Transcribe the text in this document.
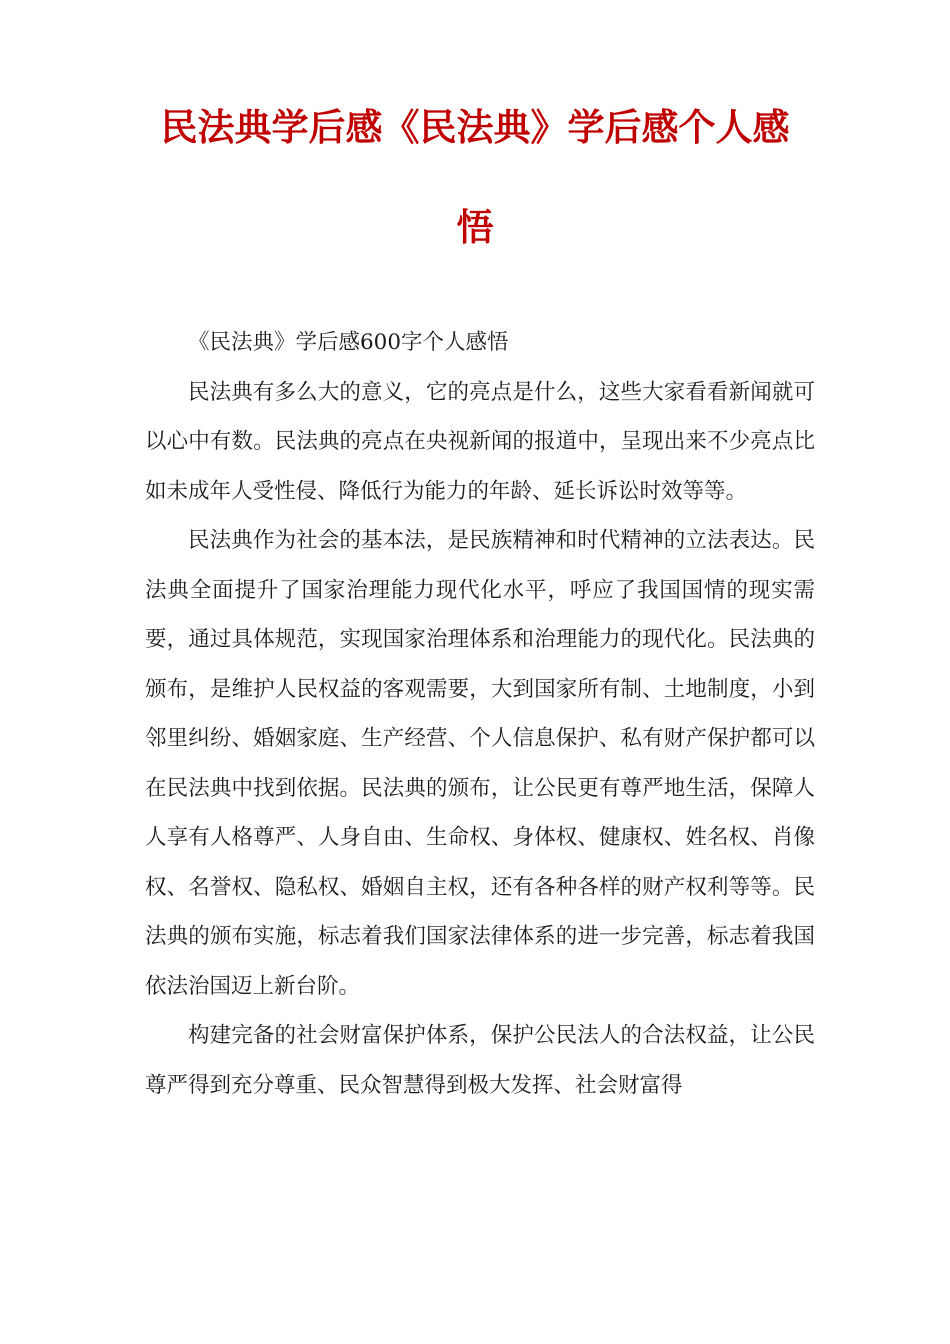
民法典学后感《民法典》学后感个人感
悟

《民法典》学后感600字个人感悟

民法典有多么大的意义，它的亮点是什么，这些大家看看新闻就可以心中有数。民法典的亮点在央视新闻的报道中，呈现出来不少亮点比如未成年人受性侵、降低行为能力的年龄、延长诉讼时效等等。

民法典作为社会的基本法，是民族精神和时代精神的立法表达。民法典全面提升了国家治理能力现代化水平，呼应了我国国情的现实需要，通过具体规范，实现国家治理体系和治理能力的现代化。民法典的颁布，是维护人民权益的客观需要，大到国家所有制、土地制度，小到邻里纠纷、婚姻家庭、生产经营、个人信息保护、私有财产保护都可以在民法典中找到依据。民法典的颁布，让公民更有尊严地生活，保障人人享有人格尊严、人身自由、生命权、身体权、健康权、姓名权、肖像权、名誉权、隐私权、婚姻自主权，还有各种各样的财产权利等等。民法典的颁布实施，标志着我们国家法律体系的进一步完善，标志着我国依法治国迈上新台阶。

构建完备的社会财富保护体系，保护公民法人的合法权益，让公民尊严得到充分尊重、民众智慧得到极大发挥、社会财富得
